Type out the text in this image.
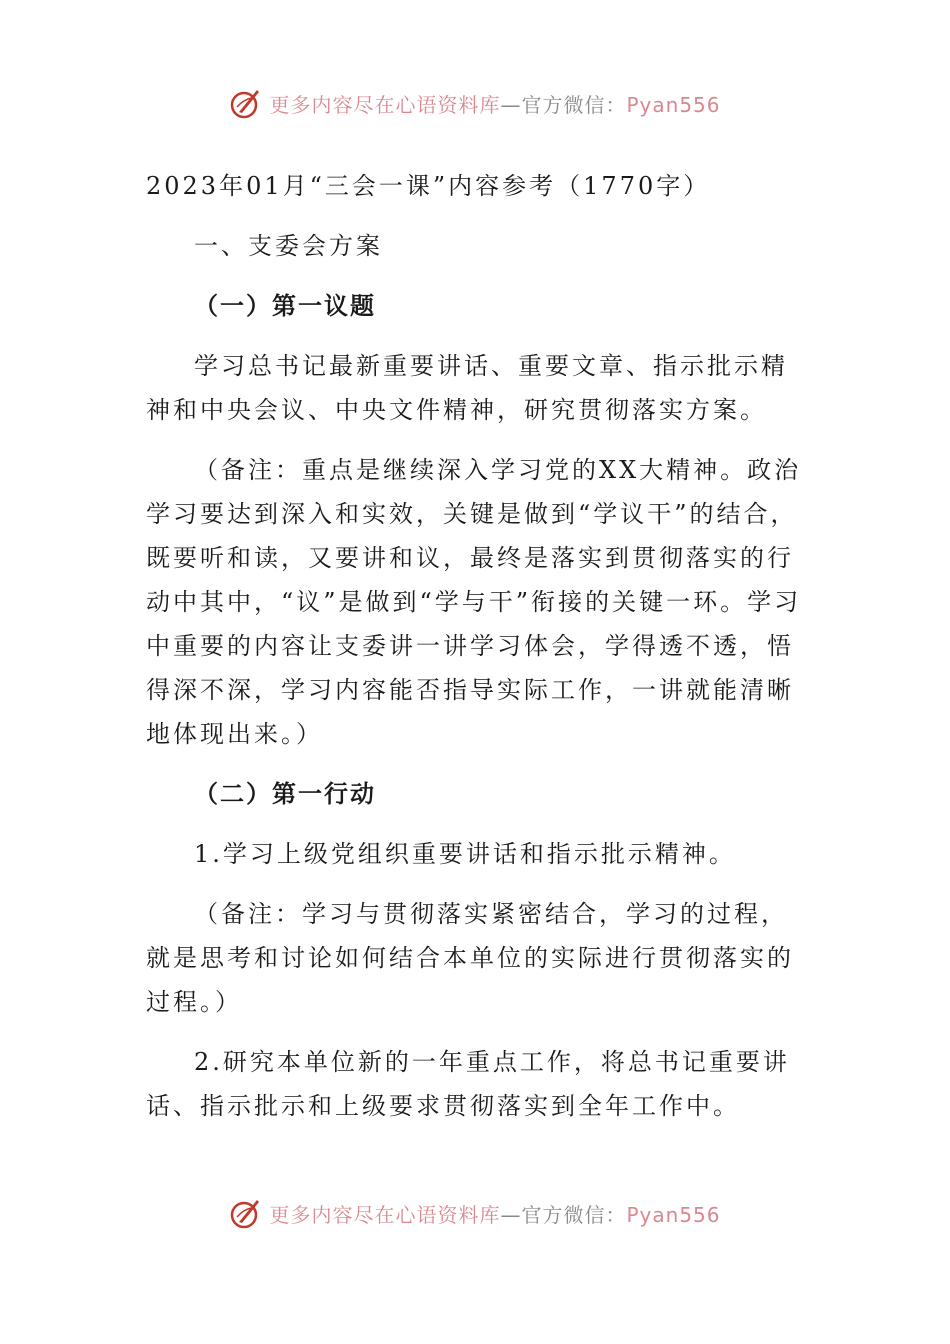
更多内容尽在心语资料库—官方微信：Pyan556

2023年01月“三会一课”内容参考（1770字）

一、支委会方案

（一）第一议题

学习总书记最新重要讲话、重要文章、指示批示精神和中央会议、中央文件精神，研究贯彻落实方案。

（备注：重点是继续深入学习党的XX大精神。政治学习要达到深入和实效，关键是做到“学议干”的结合，既要听和读，又要讲和议，最终是落实到贯彻落实的行动中其中，“议”是做到“学与干”衔接的关键一环。学习中重要的内容让支委讲一讲学习体会，学得透不透，悟得深不深，学习内容能否指导实际工作，一讲就能清晰地体现出来。）

（二）第一行动

1.学习上级党组织重要讲话和指示批示精神。

（备注：学习与贯彻落实紧密结合，学习的过程，就是思考和讨论如何结合本单位的实际进行贯彻落实的过程。）

2.研究本单位新的一年重点工作，将总书记重要讲话、指示批示和上级要求贯彻落实到全年工作中。

更多内容尽在心语资料库—官方微信：Pyan556
